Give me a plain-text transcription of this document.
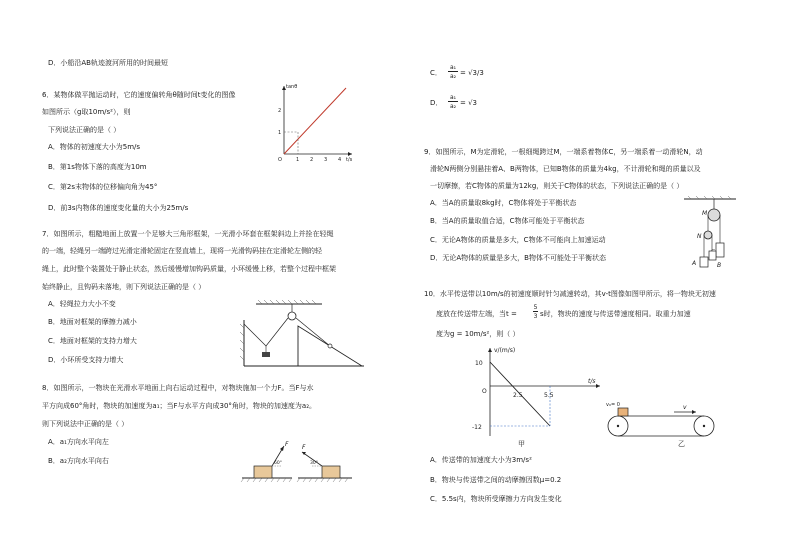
D．小船沿AB轨迹渡河所用的时间最短
6．某物体做平抛运动时，它的速度偏转角θ随时间t变化的图像
如图所示（g取10m/s²），则
下列说法正确的是（ ）
A．物体的初速度大小为5m/s
B．第1s物体下落的高度为10m
C．第2s末物体的位移偏向角为45°
D．前3s内物体的速度变化量的大小为25m/s
tanθ
t/s
O	1 2 3 4
1
2
7．如图所示，粗糙地面上放置一个足够大三角形框架，一光滑小环套在框架斜边上并拴在轻绳
的一端，轻绳另一端跨过光滑定滑轮固定在竖直墙上，现将一光滑钩码挂在定滑轮左侧的轻
绳上，此时整个装置处于静止状态，然后缓慢增加钩码质量，小环缓慢上移，若整个过程中框架
始终静止，且钩码未落地，则下列说法正确的是（ ）
A．轻绳拉力大小不变
B．地面对框架的摩擦力减小
C．地面对框架的支持力增大
D．小环所受支持力增大
8．如图所示，一物块在光滑水平地面上向右运动过程中，对物块施加一个力F。当F与水
平方向成60°角时，物块的加速度为a₁；当F与水平方向成30°角时，物块的加速度为a₂。
则下列说法中正确的是（ ）
A．a₁方向水平向左
B．a₂方向水平向右
F
60°
F
30°
C．
a₁
a₂ = √3/3
D．
a₁
a₂ = √3
9．如图所示，M为定滑轮，一根细绳跨过M，一端系着物体C，另一端系着一动滑轮N，动
滑轮N两侧分别悬挂着A、B两物体，已知B物体的质量为4kg，不计滑轮和绳的质量以及
一切摩擦，若C物体的质量为12kg，则关于C物体的状态，下列说法正确的是（ ）
A．当A的质量取8kg时，C物体将处于平衡状态
B．当A的质量取值合适，C物体可能处于平衡状态
C．无论A物体的质量是多大，C物体不可能向上加速运动
D．无论A物体的质量是多大，B物体不可能处于平衡状态
M
N
A	B
10．水平传送带以10m/s的初速度顺时针匀减速转动，其v-t图像如图甲所示，将一物块无初速
度放在传送带左端，当t =
5
3 s时，物块的速度与传送带速度相同。取重力加速
度为g = 10m/s²，则（ ）
v/(m/s)
t/s
O
10
-12
2.5	5.5
甲
v₀= 0	v
乙
A．传送带的加速度大小为3m/s²
B．物块与传送带之间的动摩擦因数μ=0.2
C．5.5s内，物块所受摩擦力方向发生变化
